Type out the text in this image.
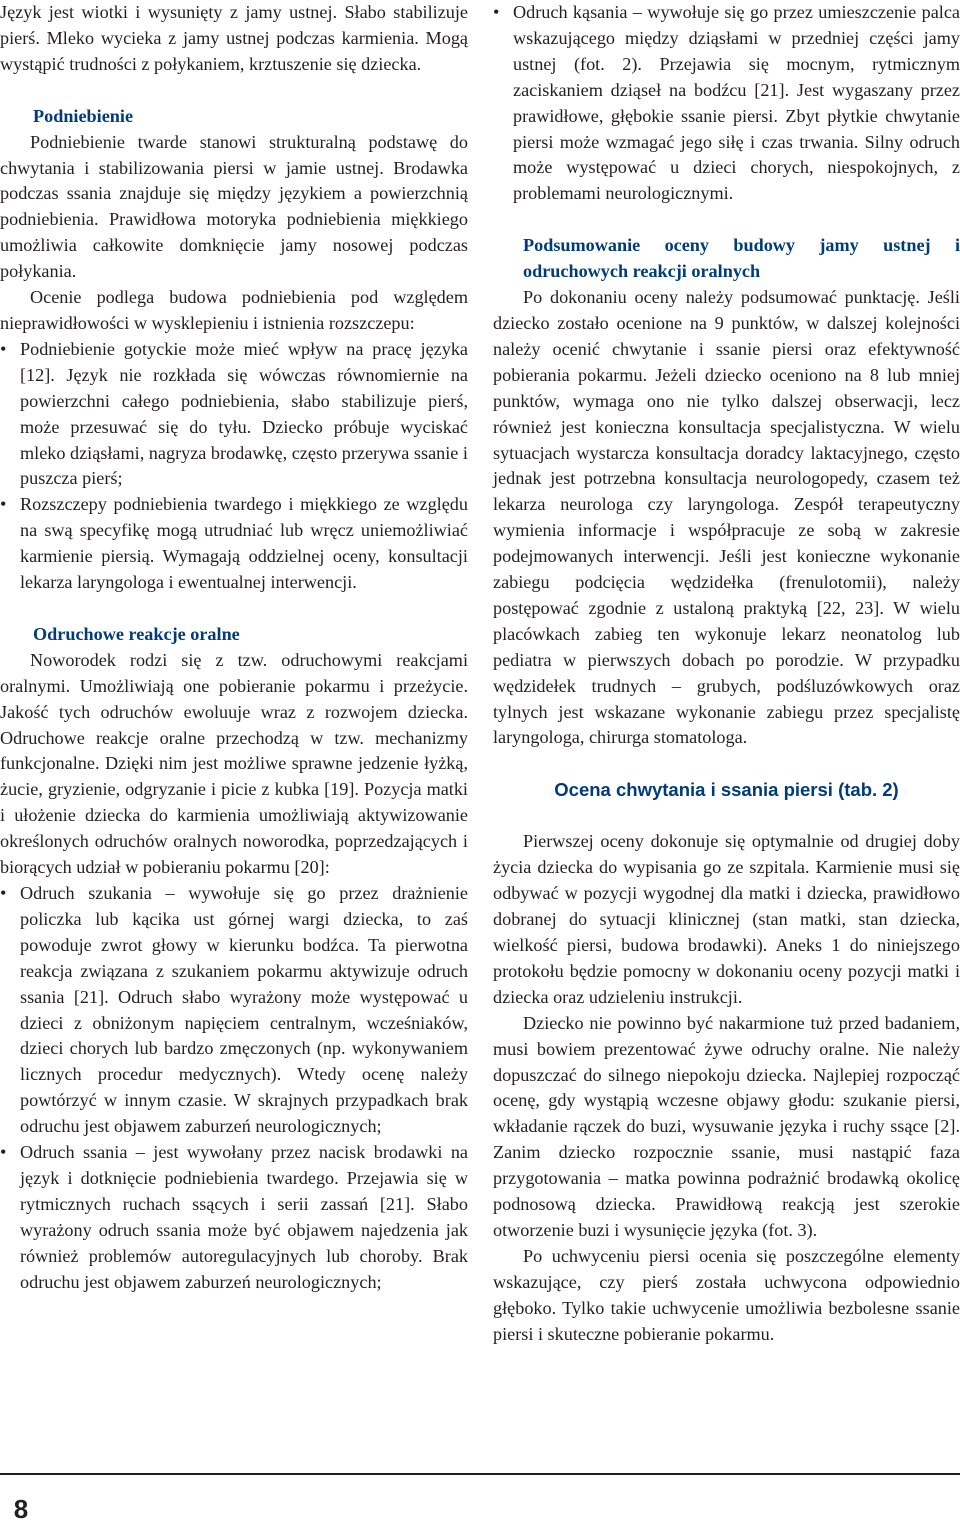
Język jest wiotki i wysunięty z jamy ustnej. Słabo stabilizuje pierś. Mleko wycieka z jamy ustnej podczas karmienia. Mogą wystąpić trudności z połykaniem, krztuszenie się dziecka.

Podniebienie

Podniebienie twarde stanowi strukturalną podstawę do chwytania i stabilizowania piersi w jamie ustnej. Brodawka podczas ssania znajduje się między językiem a powierzchnią podniebienia. Prawidłowa motoryka podniebienia miękkiego umożliwia całkowite domknięcie jamy nosowej podczas połykania.

Ocenie podlega budowa podniebienia pod względem nieprawidłowości w wysklepieniu i istnienia rozszczepu:

• Podniebienie gotyckie może mieć wpływ na pracę języka [12]. Język nie rozkłada się wówczas równomiernie na powierzchni całego podniebienia, słabo stabilizuje pierś, może przesuwać się do tyłu. Dziecko próbuje wyciskać mleko dziąsłami, nagryza brodawkę, często przerywa ssanie i puszcza pierś;
• Rozszczepy podniebienia twardego i miękkiego ze względu na swą specyfikę mogą utrudniać lub wręcz uniemożliwiać karmienie piersią. Wymagają oddzielnej oceny, konsultacji lekarza laryngologa i ewentualnej interwencji.
Odruchowe reakcje oralne

Noworodek rodzi się z tzw. odruchowymi reakcjami oralnymi. Umożliwiają one pobieranie pokarmu i przeżycie. Jakość tych odruchów ewoluuje wraz z rozwojem dziecka. Odruchowe reakcje oralne przechodzą w tzw. mechanizmy funkcjonalne. Dzięki nim jest możliwe sprawne jedzenie łyżką, żucie, gryzienie, odgryzanie i picie z kubka [19]. Pozycja matki i ułożenie dziecka do karmienia umożliwiają aktywizowanie określonych odruchów oralnych noworodka, poprzedzających i biorących udział w pobieraniu pokarmu [20]:

• Odruch szukania – wywołuje się go przez drażnienie policzka lub kącika ust górnej wargi dziecka, to zaś powoduje zwrot głowy w kierunku bodźca. Ta pierwotna reakcja związana z szukaniem pokarmu aktywizuje odruch ssania [21]. Odruch słabo wyrażony może występować u dzieci z obniżonym napięciem centralnym, wcześniaków, dzieci chorych lub bardzo zmęczonych (np. wykonywaniem licznych procedur medycznych). Wtedy ocenę należy powtórzyć w innym czasie. W skrajnych przypadkach brak odruchu jest objawem zaburzeń neurologicznych;
• Odruch ssania – jest wywołany przez nacisk brodawki na język i dotknięcie podniebienia twardego. Przejawia się w rytmicznych ruchach ssących i serii zassań [21]. Słabo wyrażony odruch ssania może być objawem najedzenia jak również problemów autoregulacyjnych lub choroby. Brak odruchu jest objawem zaburzeń neurologicznych;
• Odruch kąsania – wywołuje się go przez umieszczenie palca wskazującego między dziąsłami w przedniej części jamy ustnej (fot. 2). Przejawia się mocnym, rytmicznym zaciskaniem dziąseł na bodźcu [21]. Jest wygaszany przez prawidłowe, głębokie ssanie piersi. Zbyt płytkie chwytanie piersi może wzmagać jego siłę i czas trwania. Silny odruch może występować u dzieci chorych, niespokojnych, z problemami neurologicznymi.
Podsumowanie oceny budowy jamy ustnej i odruchowych reakcji oralnych

Po dokonaniu oceny należy podsumować punktację. Jeśli dziecko zostało ocenione na 9 punktów, w dalszej kolejności należy ocenić chwytanie i ssanie piersi oraz efektywność pobierania pokarmu. Jeżeli dziecko oceniono na 8 lub mniej punktów, wymaga ono nie tylko dalszej obserwacji, lecz również jest konieczna konsultacja specjalistyczna. W wielu sytuacjach wystarcza konsultacja doradcy laktacyjnego, często jednak jest potrzebna konsultacja neurologopedy, czasem też lekarza neurologa czy laryngologa. Zespół terapeutyczny wymienia informacje i współpracuje ze sobą w zakresie podejmowanych interwencji. Jeśli jest konieczne wykonanie zabiegu podcięcia wędzidełka (frenulotomii), należy postępować zgodnie z ustaloną praktyką [22, 23]. W wielu placówkach zabieg ten wykonuje lekarz neonatolog lub pediatra w pierwszych dobach po porodzie. W przypadku wędzidełek trudnych – grubych, podśluzówkowych oraz tylnych jest wskazane wykonanie zabiegu przez specjalistę laryngologa, chirurga stomatologa.

Ocena chwytania i ssania piersi (tab. 2)

Pierwszej oceny dokonuje się optymalnie od drugiej doby życia dziecka do wypisania go ze szpitala. Karmienie musi się odbywać w pozycji wygodnej dla matki i dziecka, prawidłowo dobranej do sytuacji klinicznej (stan matki, stan dziecka, wielkość piersi, budowa brodawki). Aneks 1 do niniejszego protokołu będzie pomocny w dokonaniu oceny pozycji matki i dziecka oraz udzieleniu instrukcji.

Dziecko nie powinno być nakarmione tuż przed badaniem, musi bowiem prezentować żywe odruchy oralne. Nie należy dopuszczać do silnego niepokoju dziecka. Najlepiej rozpocząć ocenę, gdy wystąpią wczesne objawy głodu: szukanie piersi, wkładanie rączek do buzi, wysuwanie języka i ruchy ssące [2]. Zanim dziecko rozpocznie ssanie, musi nastąpić faza przygotowania – matka powinna podrażnić brodawką okolicę podnosową dziecka. Prawidłową reakcją jest szerokie otworzenie buzi i wysunięcie języka (fot. 3).

Po uchwyceniu piersi ocenia się poszczególne elementy wskazujące, czy pierś została uchwycona odpowiednio głęboko. Tylko takie uchwycenie umożliwia bezbolesne ssanie piersi i skuteczne pobieranie pokarmu.

8
